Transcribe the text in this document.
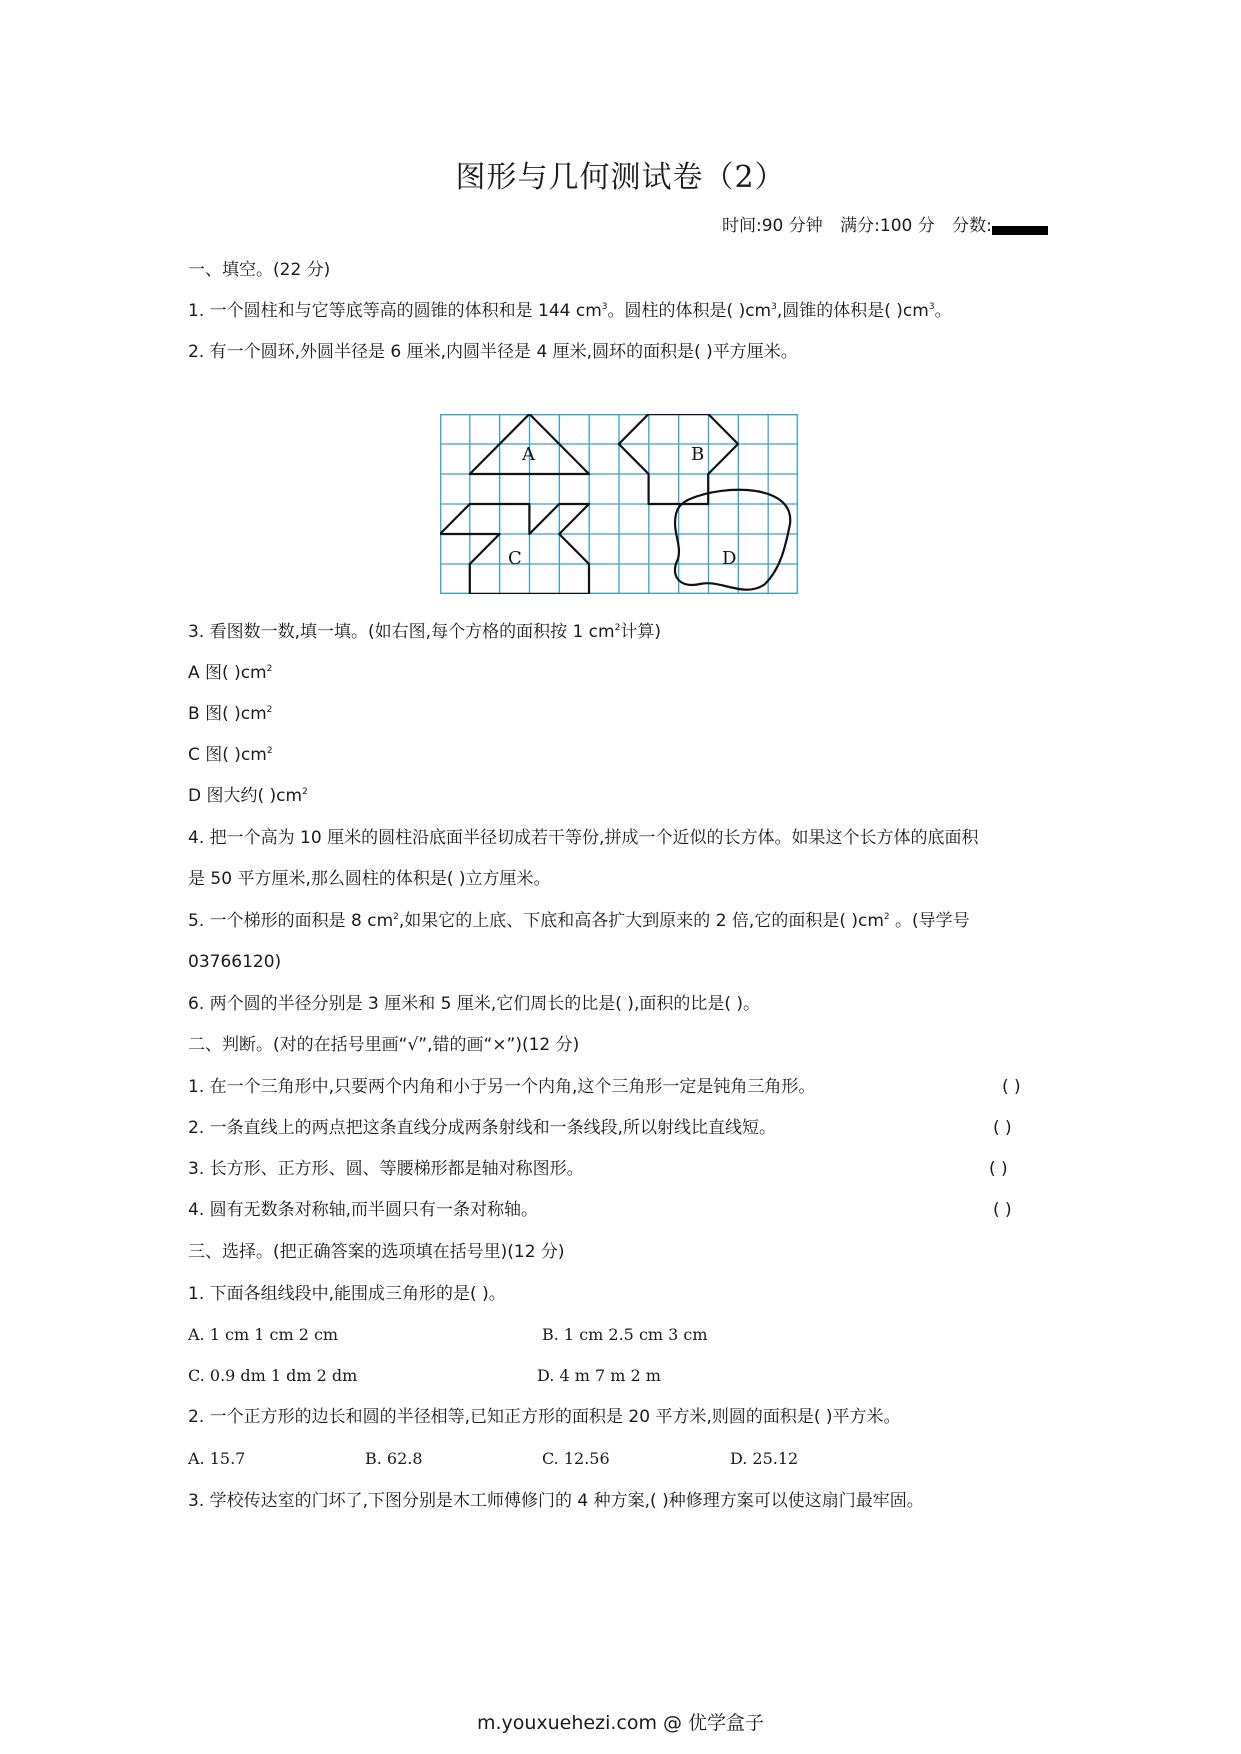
图形与几何测试卷（2）
时间:90 分钟 满分:100 分 分数:
一、填空。(22 分)
1. 一个圆柱和与它等底等高的圆锥的体积和是 144 $cm^3$。圆柱的体积是( )$cm^3$,圆锥的体积是( )$cm^3$。
2. 有一个圆环,外圆半径是 6 厘米,内圆半径是 4 厘米,圆环的面积是( )平方厘米。
A	B
C	D
3. 看图数一数,填一填。(如右图,每个方格的面积按 1 $cm^2$计算)
A 图( )$cm^2$
B 图( )$cm^2$
C 图( )$cm^2$
D 图大约( )$cm^2$
4. 把一个高为 10 厘米的圆柱沿底面半径切成若干等份,拼成一个近似的长方体。如果这个长方体的底面积
是 50 平方厘米,那么圆柱的体积是( )立方厘米。
5. 一个梯形的面积是 8 $cm^2$,如果它的上底、下底和高各扩大到原来的 2 倍,它的面积是( )$cm^2$ 。(导学号
03766120)
6. 两个圆的半径分别是 3 厘米和 5 厘米,它们周长的比是( ),面积的比是( )。
二、判断。(对的在括号里画“√”,错的画“×”)(12 分)
1. 在一个三角形中,只要两个内角和小于另一个内角,这个三角形一定是钝角三角形。	( )
2. 一条直线上的两点把这条直线分成两条射线和一条线段,所以射线比直线短。	( )
3. 长方形、正方形、圆、等腰梯形都是轴对称图形。	( )
4. 圆有无数条对称轴,而半圆只有一条对称轴。	( )
三、选择。(把正确答案的选项填在括号里)(12 分)
1. 下面各组线段中,能围成三角形的是( )。
A. 1 cm 1 cm 2 cm	B. 1 cm 2.5 cm 3 cm
C. 0.9 dm 1 dm 2 dm	D. 4 m 7 m 2 m
2. 一个正方形的边长和圆的半径相等,已知正方形的面积是 20 平方米,则圆的面积是( )平方米。
A. 15.7	B. 62.8	C. 12.56	D. 25.12
3. 学校传达室的门坏了,下图分别是木工师傅修门的 4 种方案,( )种修理方案可以使这扇门最牢固。
m.youxuehezi.com @ 优学盒子
